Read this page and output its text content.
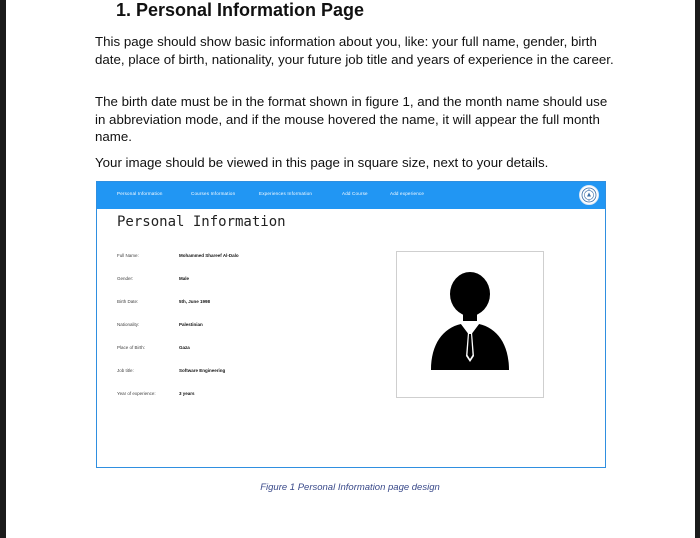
1. Personal Information Page

This page should show basic information about you, like: your full name, gender, birth date, place of birth, nationality, your future job title and years of experience in the career.

The birth date must be in the format shown in figure 1, and the month name should use in abbreviation mode, and if the mouse hovered the name, it will appear the full month name.

Your image should be viewed in this page in square size, next to your details.

Personal Information	Courses Information	Experiences Information	Add Course	Add experience
Personal Information
Full Name:	Mohammed Shareef Al-Dalo
Gender:	Male
Birth Date:	5th, June 1998
Nationality:	Palestinian
Place of Birth:	Gaza
Job title:	Software Engineering
Year of experience:	3 years
Figure 1 Personal Information page design
